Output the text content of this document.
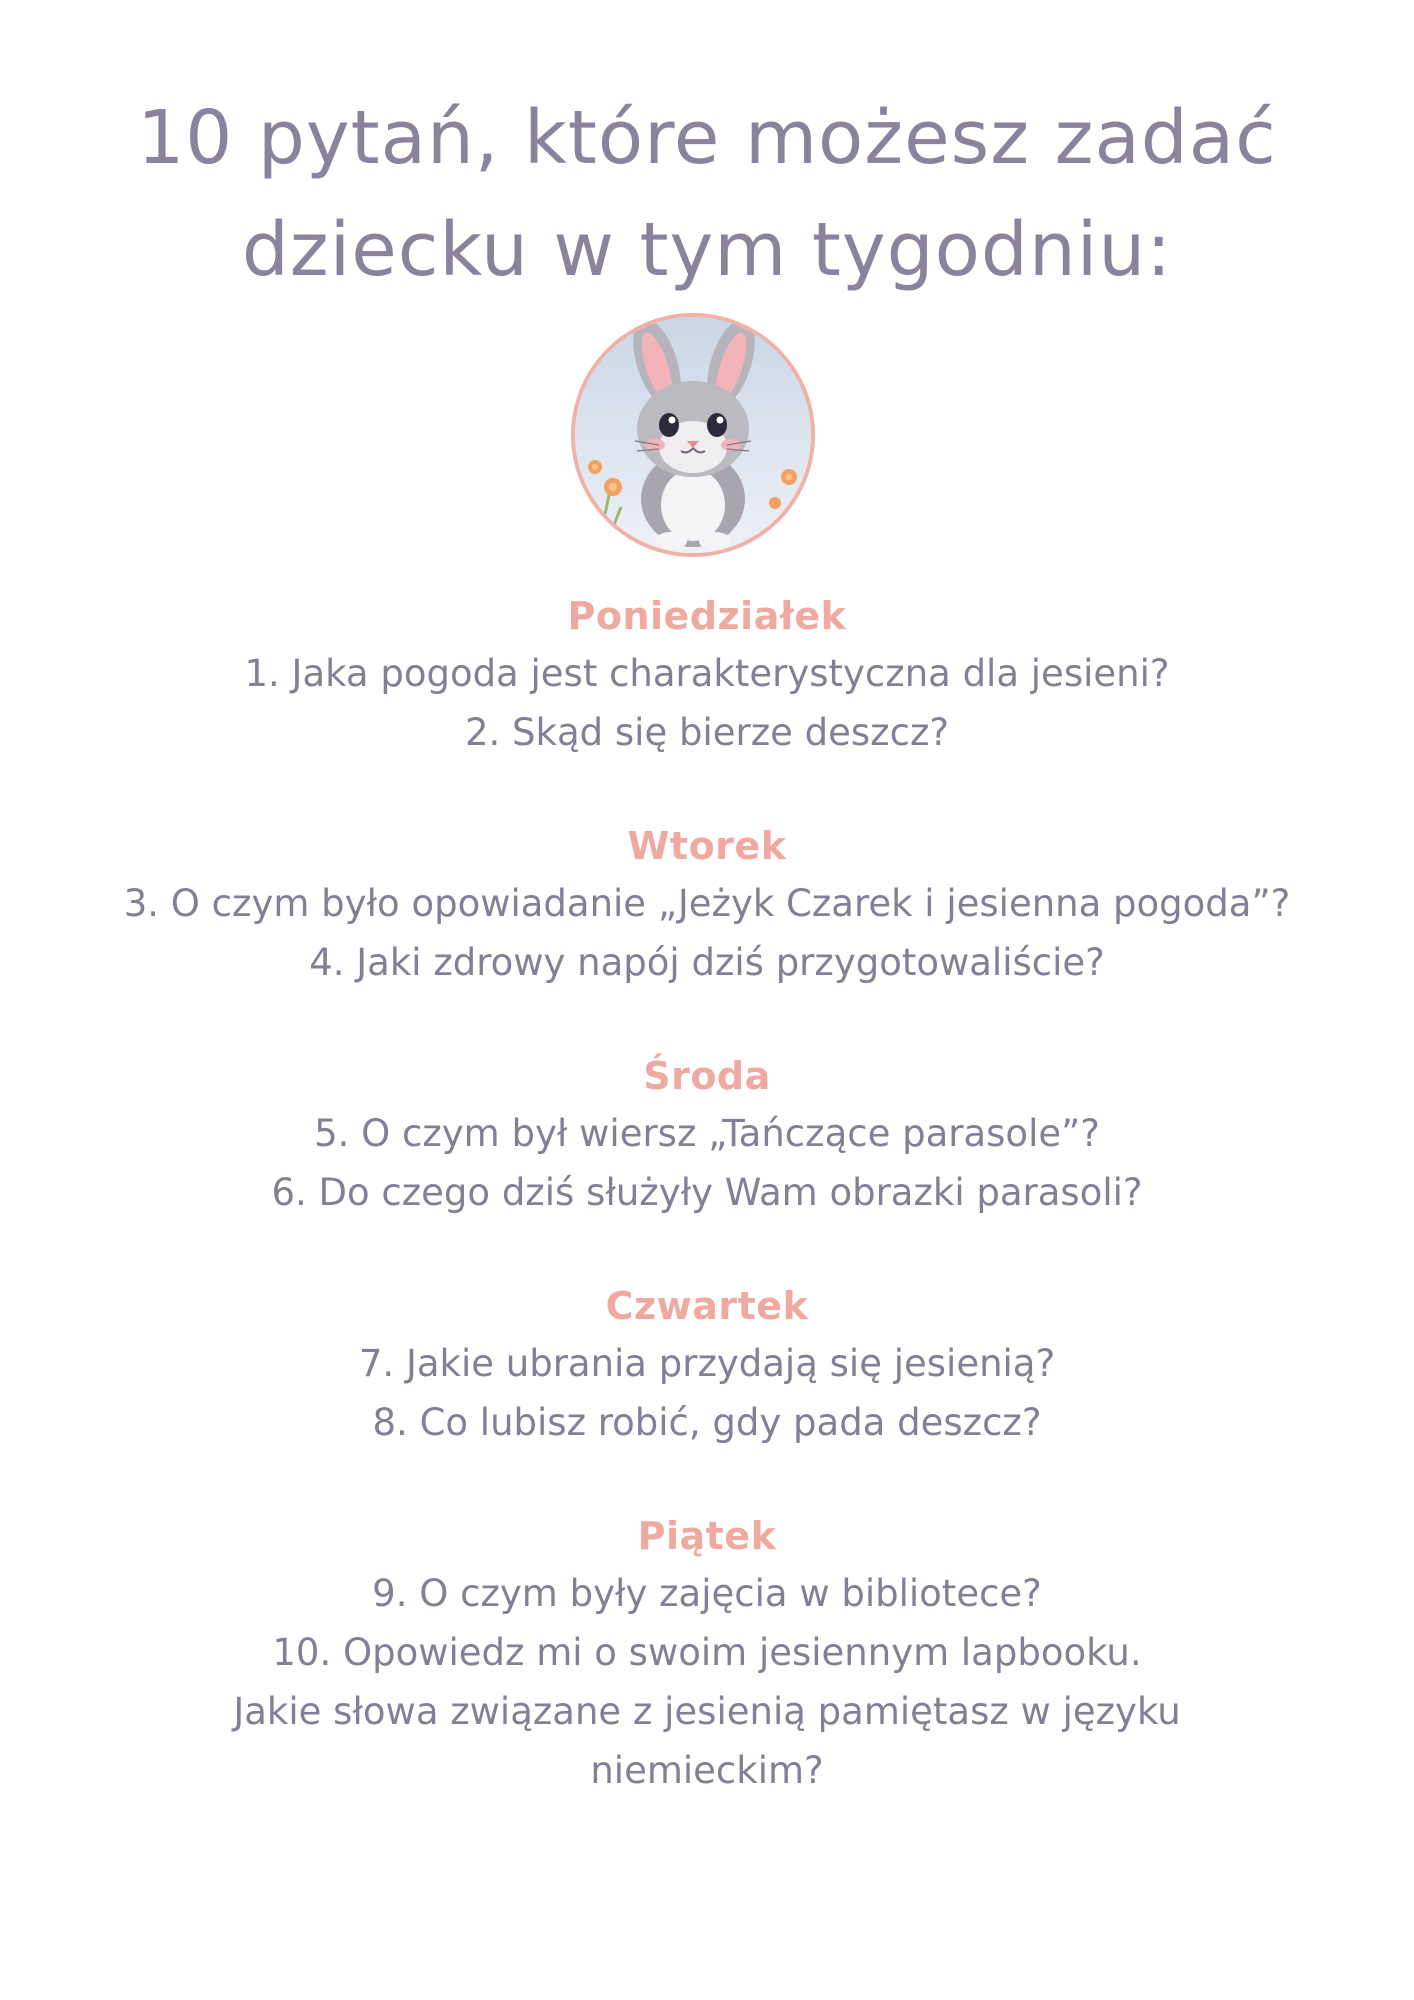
10 pytań, które możesz zadać
dziecku w tym tygodniu:
Poniedziałek
1. Jaka pogoda jest charakterystyczna dla jesieni?
2. Skąd się bierze deszcz?
Wtorek
3. O czym było opowiadanie „Jeżyk Czarek i jesienna pogoda”?
4. Jaki zdrowy napój dziś przygotowaliście?
Środa
5. O czym był wiersz „Tańczące parasole”?
6. Do czego dziś służyły Wam obrazki parasoli?
Czwartek
7. Jakie ubrania przydają się jesienią?
8. Co lubisz robić, gdy pada deszcz?
Piątek
9. O czym były zajęcia w bibliotece?
10. Opowiedz mi o swoim jesiennym lapbooku.
Jakie słowa związane z jesienią pamiętasz w języku
niemieckim?
